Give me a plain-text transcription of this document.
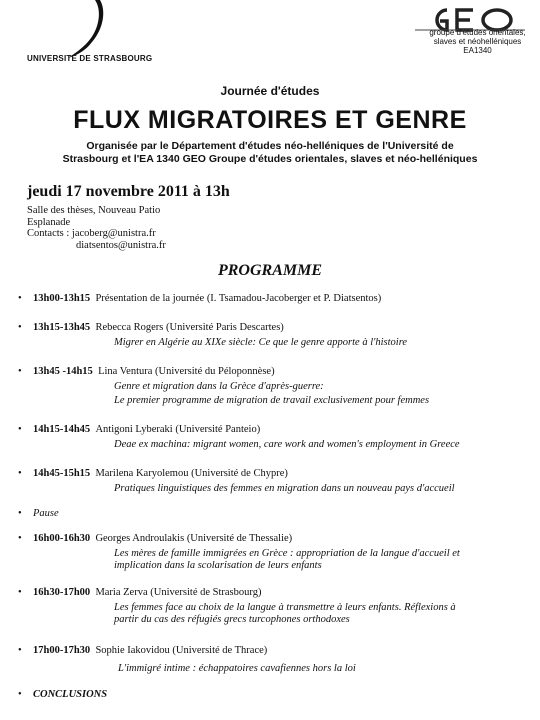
UNIVERSITÉ DE STRASBOURG
groupe d'études orientales,
slaves et néohelléniques
EA1340
Journée d'études
FLUX MIGRATOIRES ET GENRE
Organisée par le Département d'études néo-helléniques de l'Université de
Strasbourg et l'EA 1340 GEO Groupe d'études orientales, slaves et néo-helléniques
jeudi 17 novembre 2011 à 13h
Salle des thèses, Nouveau Patio
Esplanade
Contacts : jacoberg@unistra.fr
diatsentos@unistra.fr
PROGRAMME
• 13h00-13h15 Présentation de la journée (I. Tsamadou-Jacoberger et P. Diatsentos)
• 13h15-13h45 Rebecca Rogers (Université Paris Descartes)
Migrer en Algérie au XIXe siècle: Ce que le genre apporte à l'histoire
• 13h45 -14h15 Lina Ventura (Université du Péloponnèse)
Genre et migration dans la Grèce d'après-guerre:
Le premier programme de migration de travail exclusivement pour femmes
• 14h15-14h45 Antigoni Lyberaki (Université Panteio)
Deae ex machina: migrant women, care work and women's employment in Greece
• 14h45-15h15 Marilena Karyolemou (Université de Chypre)
Pratiques linguistiques des femmes en migration dans un nouveau pays d'accueil
• Pause
• 16h00-16h30 Georges Androulakis (Université de Thessalie)
Les mères de famille immigrées en Grèce : appropriation de la langue d'accueil et
implication dans la scolarisation de leurs enfants
• 16h30-17h00 Maria Zerva (Université de Strasbourg)
Les femmes face au choix de la langue à transmettre à leurs enfants. Réflexions à
partir du cas des réfugiés grecs turcophones orthodoxes
• 17h00-17h30 Sophie Iakovidou (Université de Thrace)
L'immigré intime : échappatoires cavafiennes hors la loi
• CONCLUSIONS
